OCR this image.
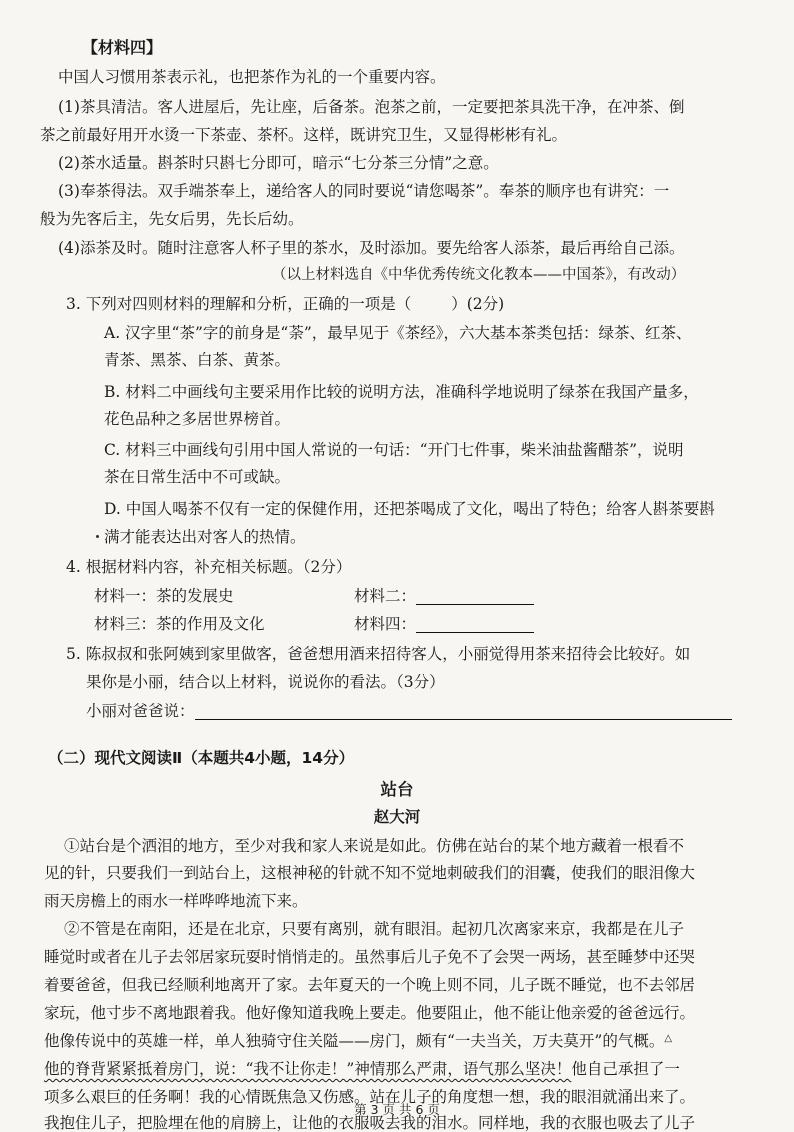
【材料四】
中国人习惯用茶表示礼，也把茶作为礼的一个重要内容。
(1)茶具清洁。客人进屋后，先让座，后备茶。泡茶之前，一定要把茶具洗干净，在冲茶、倒
茶之前最好用开水烫一下茶壶、茶杯。这样，既讲究卫生，又显得彬彬有礼。
(2)茶水适量。斟茶时只斟七分即可，暗示“七分茶三分情”之意。
(3)奉茶得法。双手端茶奉上，递给客人的同时要说“请您喝茶”。奉茶的顺序也有讲究：一
般为先客后主，先女后男，先长后幼。
(4)添茶及时。随时注意客人杯子里的茶水，及时添加。要先给客人添茶，最后再给自己添。
（以上材料选自《中华优秀传统文化教本——中国茶》，有改动）
3. 下列对四则材料的理解和分析，正确的一项是（	）(2分)
A. 汉字里“茶”字的前身是“荼”，最早见于《茶经》，六大基本茶类包括：绿茶、红茶、
青茶、黑茶、白茶、黄茶。
B. 材料二中画线句主要采用作比较的说明方法，准确科学地说明了绿茶在我国产量多，
花色品种之多居世界榜首。
C. 材料三中画线句引用中国人常说的一句话：“开门七件事，柴米油盐酱醋茶”，说明
茶在日常生活中不可或缺。
D. 中国人喝茶不仅有一定的保健作用，还把茶喝成了文化，喝出了特色；给客人斟茶要斟
满才能表达出对客人的热情。
4. 根据材料内容，补充相关标题。（2分）
材料一：茶的发展史	材料二：
材料三：茶的作用及文化	材料四：
5. 陈叔叔和张阿姨到家里做客，爸爸想用酒来招待客人，小丽觉得用茶来招待会比较好。如
果你是小丽，结合以上材料，说说你的看法。（3分）
小丽对爸爸说：
（二）现代文阅读Ⅱ（本题共4小题，14分）
站台
赵大河
①站台是个洒泪的地方，至少对我和家人来说是如此。仿佛在站台的某个地方藏着一根看不
见的针，只要我们一到站台上，这根神秘的针就不知不觉地刺破我们的泪囊，使我们的眼泪像大
雨天房檐上的雨水一样哗哗地流下来。
②不管是在南阳，还是在北京，只要有离别，就有眼泪。起初几次离家来京，我都是在儿子
睡觉时或者在儿子去邻居家玩耍时悄悄走的。虽然事后儿子免不了会哭一两场，甚至睡梦中还哭
着要爸爸，但我已经顺利地离开了家。去年夏天的一个晚上则不同，儿子既不睡觉，也不去邻居
家玩，他寸步不离地跟着我。他好像知道我晚上要走。他要阻止，他不能让他亲爱的爸爸远行。
他像传说中的英雄一样，单人独骑守住关隘——房门，颇有“一夫当关，万夫莫开”的气概。△
他的脊背紧紧抵着房门，说：“我不让你走！”神情那么严肃，语气那么坚决！他自己承担了一
项多么艰巨的任务啊！我的心情既焦急又伤感。站在儿子的角度想一想，我的眼泪就涌出来了。
我抱住儿子，把脸埋在他的肩膀上，让他的衣服吸去我的泪水。同样地，我的衣服也吸去了儿子
第 3 页 共 6 页
